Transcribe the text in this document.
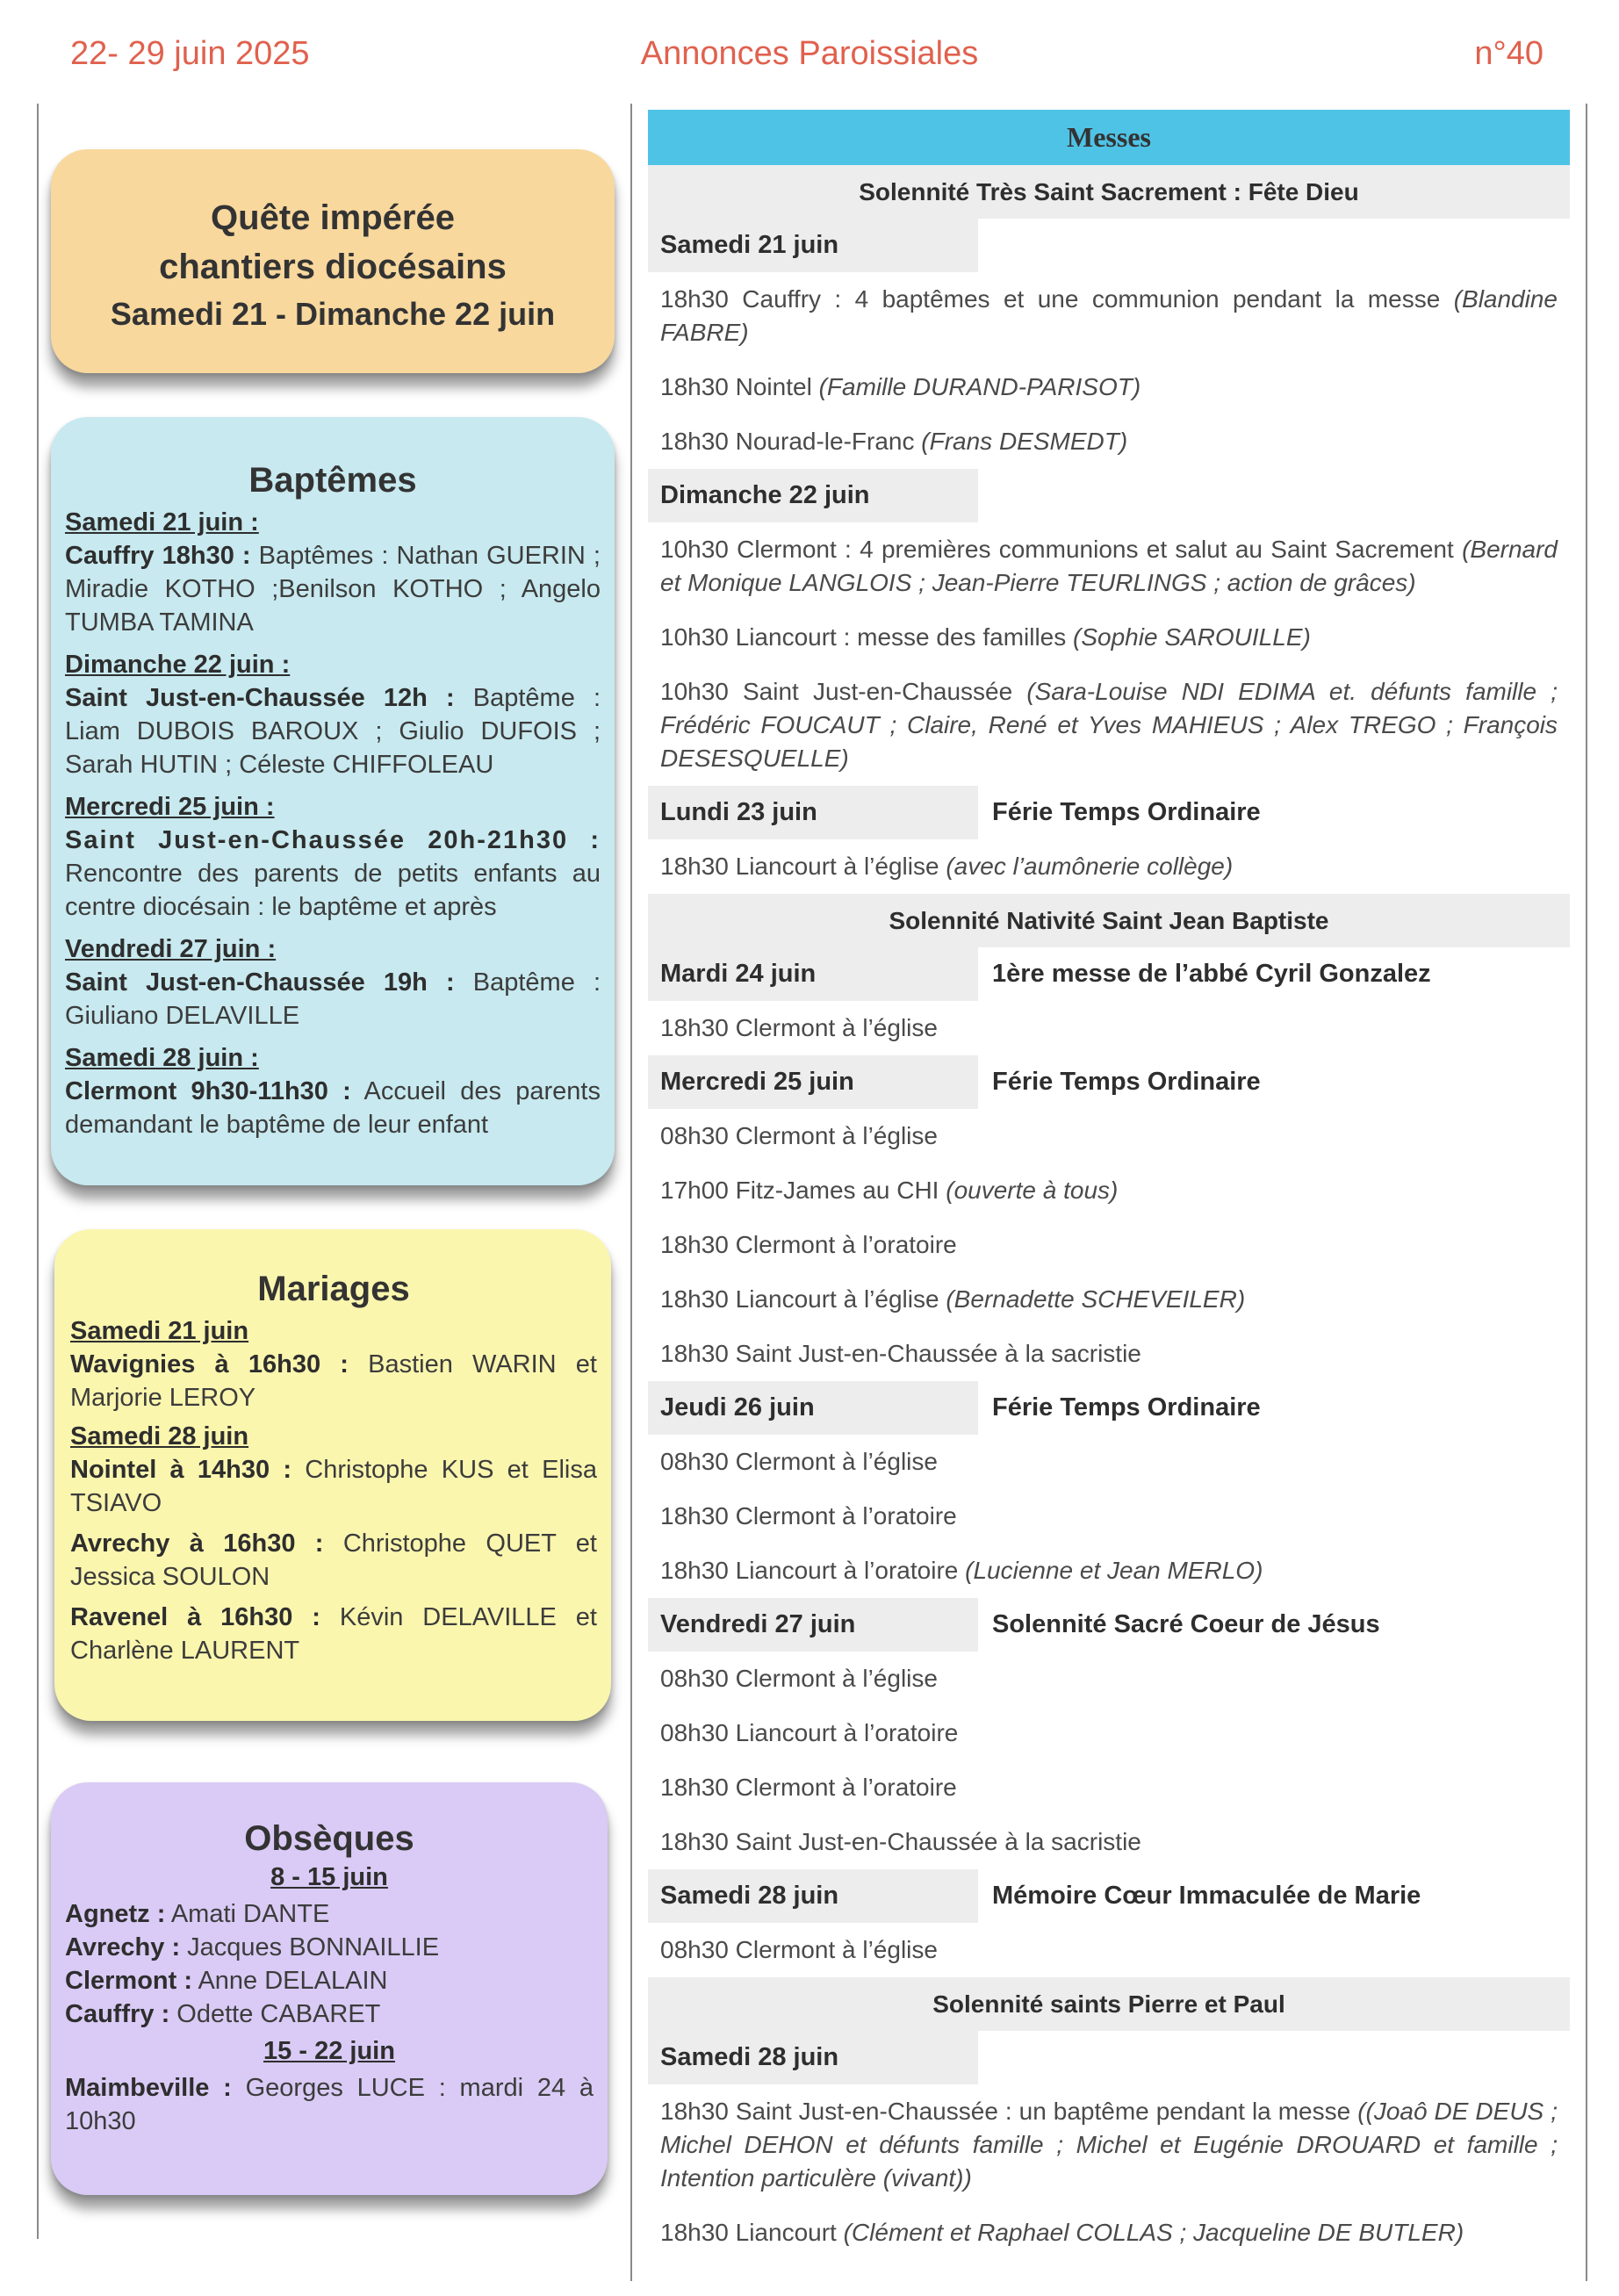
22- 29 juin 2025	Annonces Paroissiales	n°40
Quête impérée
chantiers diocésains
Samedi 21 - Dimanche 22 juin
Baptêmes
Samedi 21 juin :
Cauffry 18h30 : Baptêmes : Nathan GUERIN ; Miradie KOTHO ;Benilson KOTHO ; Angelo TUMBA TAMINA
Dimanche 22 juin :
Saint Just-en-Chaussée 12h : Baptême : Liam DUBOIS BAROUX ; Giulio DUFOIS ; Sarah HUTIN ; Céleste CHIFFOLEAU
Mercredi 25 juin :
Saint Just-en-Chaussée 20h-21h30 : Rencontre des parents de petits enfants au centre diocésain : le baptême et après
Vendredi 27 juin :
Saint Just-en-Chaussée 19h : Baptême : Giuliano DELAVILLE
Samedi 28 juin :
Clermont 9h30-11h30 : Accueil des parents demandant le baptême de leur enfant
Mariages
Samedi 21 juin
Wavignies à 16h30 : Bastien WARIN et Marjorie LEROY
Samedi 28 juin
Nointel à 14h30 : Christophe KUS et Elisa TSIAVO
Avrechy à 16h30 : Christophe QUET et Jessica SOULON
Ravenel à 16h30 : Kévin DELAVILLE et Charlène LAURENT
Obsèques
8 - 15 juin
Agnetz : Amati DANTE
Avrechy : Jacques BONNAILLIE
Clermont : Anne DELALAIN
Cauffry : Odette CABARET
15 - 22 juin
Maimbeville : Georges LUCE : mardi 24 à 10h30
Messes
Solennité Très Saint Sacrement : Fête Dieu
Samedi 21 juin
18h30 Cauffry : 4 baptêmes et une communion pendant la messe (Blandine FABRE)
18h30 Nointel (Famille DURAND-PARISOT)
18h30 Nourad-le-Franc (Frans DESMEDT)
Dimanche 22 juin
10h30 Clermont : 4 premières communions et salut au Saint Sacrement (Bernard et Monique LANGLOIS ; Jean-Pierre TEURLINGS ; action de grâces)
10h30 Liancourt : messe des familles (Sophie SAROUILLE)
10h30 Saint Just-en-Chaussée (Sara-Louise NDI EDIMA et. défunts famille ; Frédéric FOUCAUT ; Claire, René et Yves MAHIEUS ; Alex TREGO ; François DESESQUELLE)
Lundi 23 juin	Férie Temps Ordinaire
18h30 Liancourt à l’église (avec l’aumônerie collège)
Solennité Nativité Saint Jean Baptiste
Mardi 24 juin	1ère messe de l’abbé Cyril Gonzalez
18h30 Clermont à l’église
Mercredi 25 juin	Férie Temps Ordinaire
08h30 Clermont à l’église
17h00 Fitz-James au CHI (ouverte à tous)
18h30 Clermont à l’oratoire
18h30 Liancourt à l’église (Bernadette SCHEVEILER)
18h30 Saint Just-en-Chaussée à la sacristie
Jeudi 26 juin	Férie Temps Ordinaire
08h30 Clermont à l’église
18h30 Clermont à l’oratoire
18h30 Liancourt à l’oratoire (Lucienne et Jean MERLO)
Vendredi 27 juin	Solennité Sacré Coeur de Jésus
08h30 Clermont à l’église
08h30 Liancourt à l’oratoire
18h30 Clermont à l’oratoire
18h30 Saint Just-en-Chaussée à la sacristie
Samedi 28 juin	Mémoire Cœur Immaculée de Marie
08h30 Clermont à l’église
Solennité saints Pierre et Paul
Samedi 28 juin
18h30 Saint Just-en-Chaussée : un baptême pendant la messe ((Joaô DE DEUS ; Michel DEHON et défunts famille ; Michel et Eugénie DROUARD et famille ; Intention particulère (vivant))
18h30 Liancourt (Clément et Raphael COLLAS ; Jacqueline DE BUTLER)
